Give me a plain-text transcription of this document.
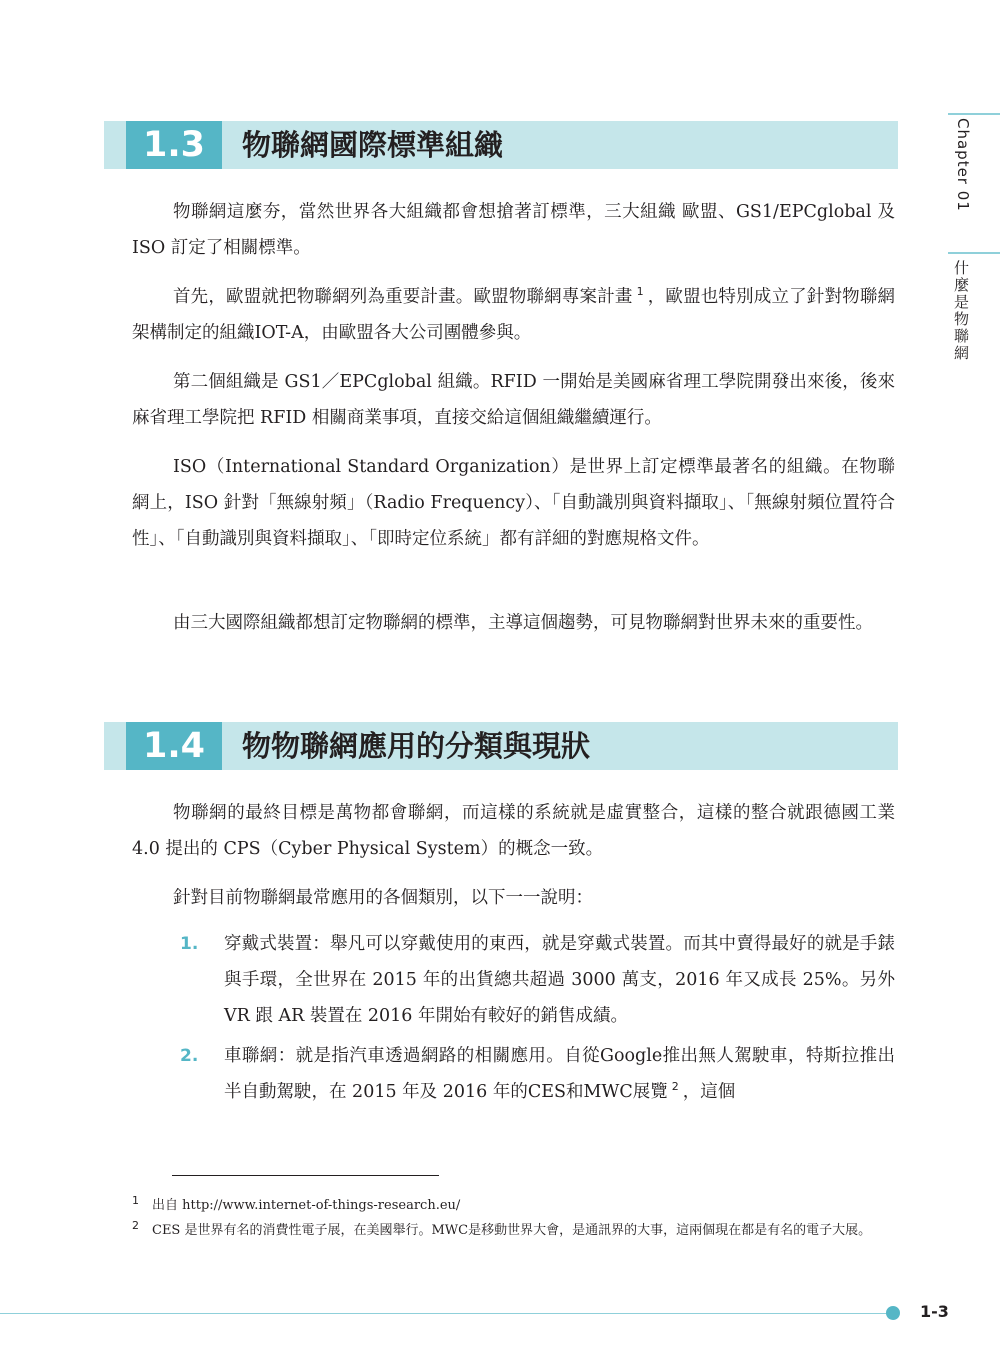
Chapter 01
什麼是物聯網
1.3	物聯網國際標準組織

物聯網這麼夯，當然世界各大組織都會想搶著訂標準，三大組織 歐盟、GS1/EPCglobal 及 ISO 訂定了相關標準。

首先，歐盟就把物聯網列為重要計畫。歐盟物聯網專案計畫 $^1$ ，歐盟也特別成立了針對物聯網架構制定的組織IOT-A，由歐盟各大公司團體參與。

第二個組織是 GS1／EPCglobal 組織。RFID 一開始是美國麻省理工學院開發出來後，後來麻省理工學院把 RFID 相關商業事項，直接交給這個組織繼續運行。

ISO（International Standard Organization）是世界上訂定標準最著名的組織。在物聯網上，ISO 針對「無線射頻」（Radio Frequency）、「自動識別與資料擷取」、「無線射頻位置符合性」、「自動識別與資料擷取」、「即時定位系統」都有詳細的對應規格文件。

由三大國際組織都想訂定物聯網的標準，主導這個趨勢，可見物聯網對世界未來的重要性。

1.4	物物聯網應用的分類與現狀

物聯網的最終目標是萬物都會聯網，而這樣的系統就是虛實整合，這樣的整合就跟德國工業 4.0 提出的 CPS（Cyber Physical System）的概念一致。

針對目前物聯網最常應用的各個類別，以下一一說明：

1.	穿戴式裝置：舉凡可以穿戴使用的東西，就是穿戴式裝置。而其中賣得最好的就是手錶與手環，全世界在 2015 年的出貨總共超過 3000 萬支，2016 年又成長 25%。另外 VR 跟 AR 裝置在 2016 年開始有較好的銷售成績。

2.	車聯網：就是指汽車透過網路的相關應用。自從Google推出無人駕駛車，特斯拉推出半自動駕駛，在 2015 年及 2016 年的CES和MWC展覽 $^2$ ，這個

1 出自 http://www.internet-of-things-research.eu/

2 CES 是世界有名的消費性電子展，在美國舉行。MWC是移動世界大會，是通訊界的大事，這兩個現在都是有名的電子大展。

1-3
